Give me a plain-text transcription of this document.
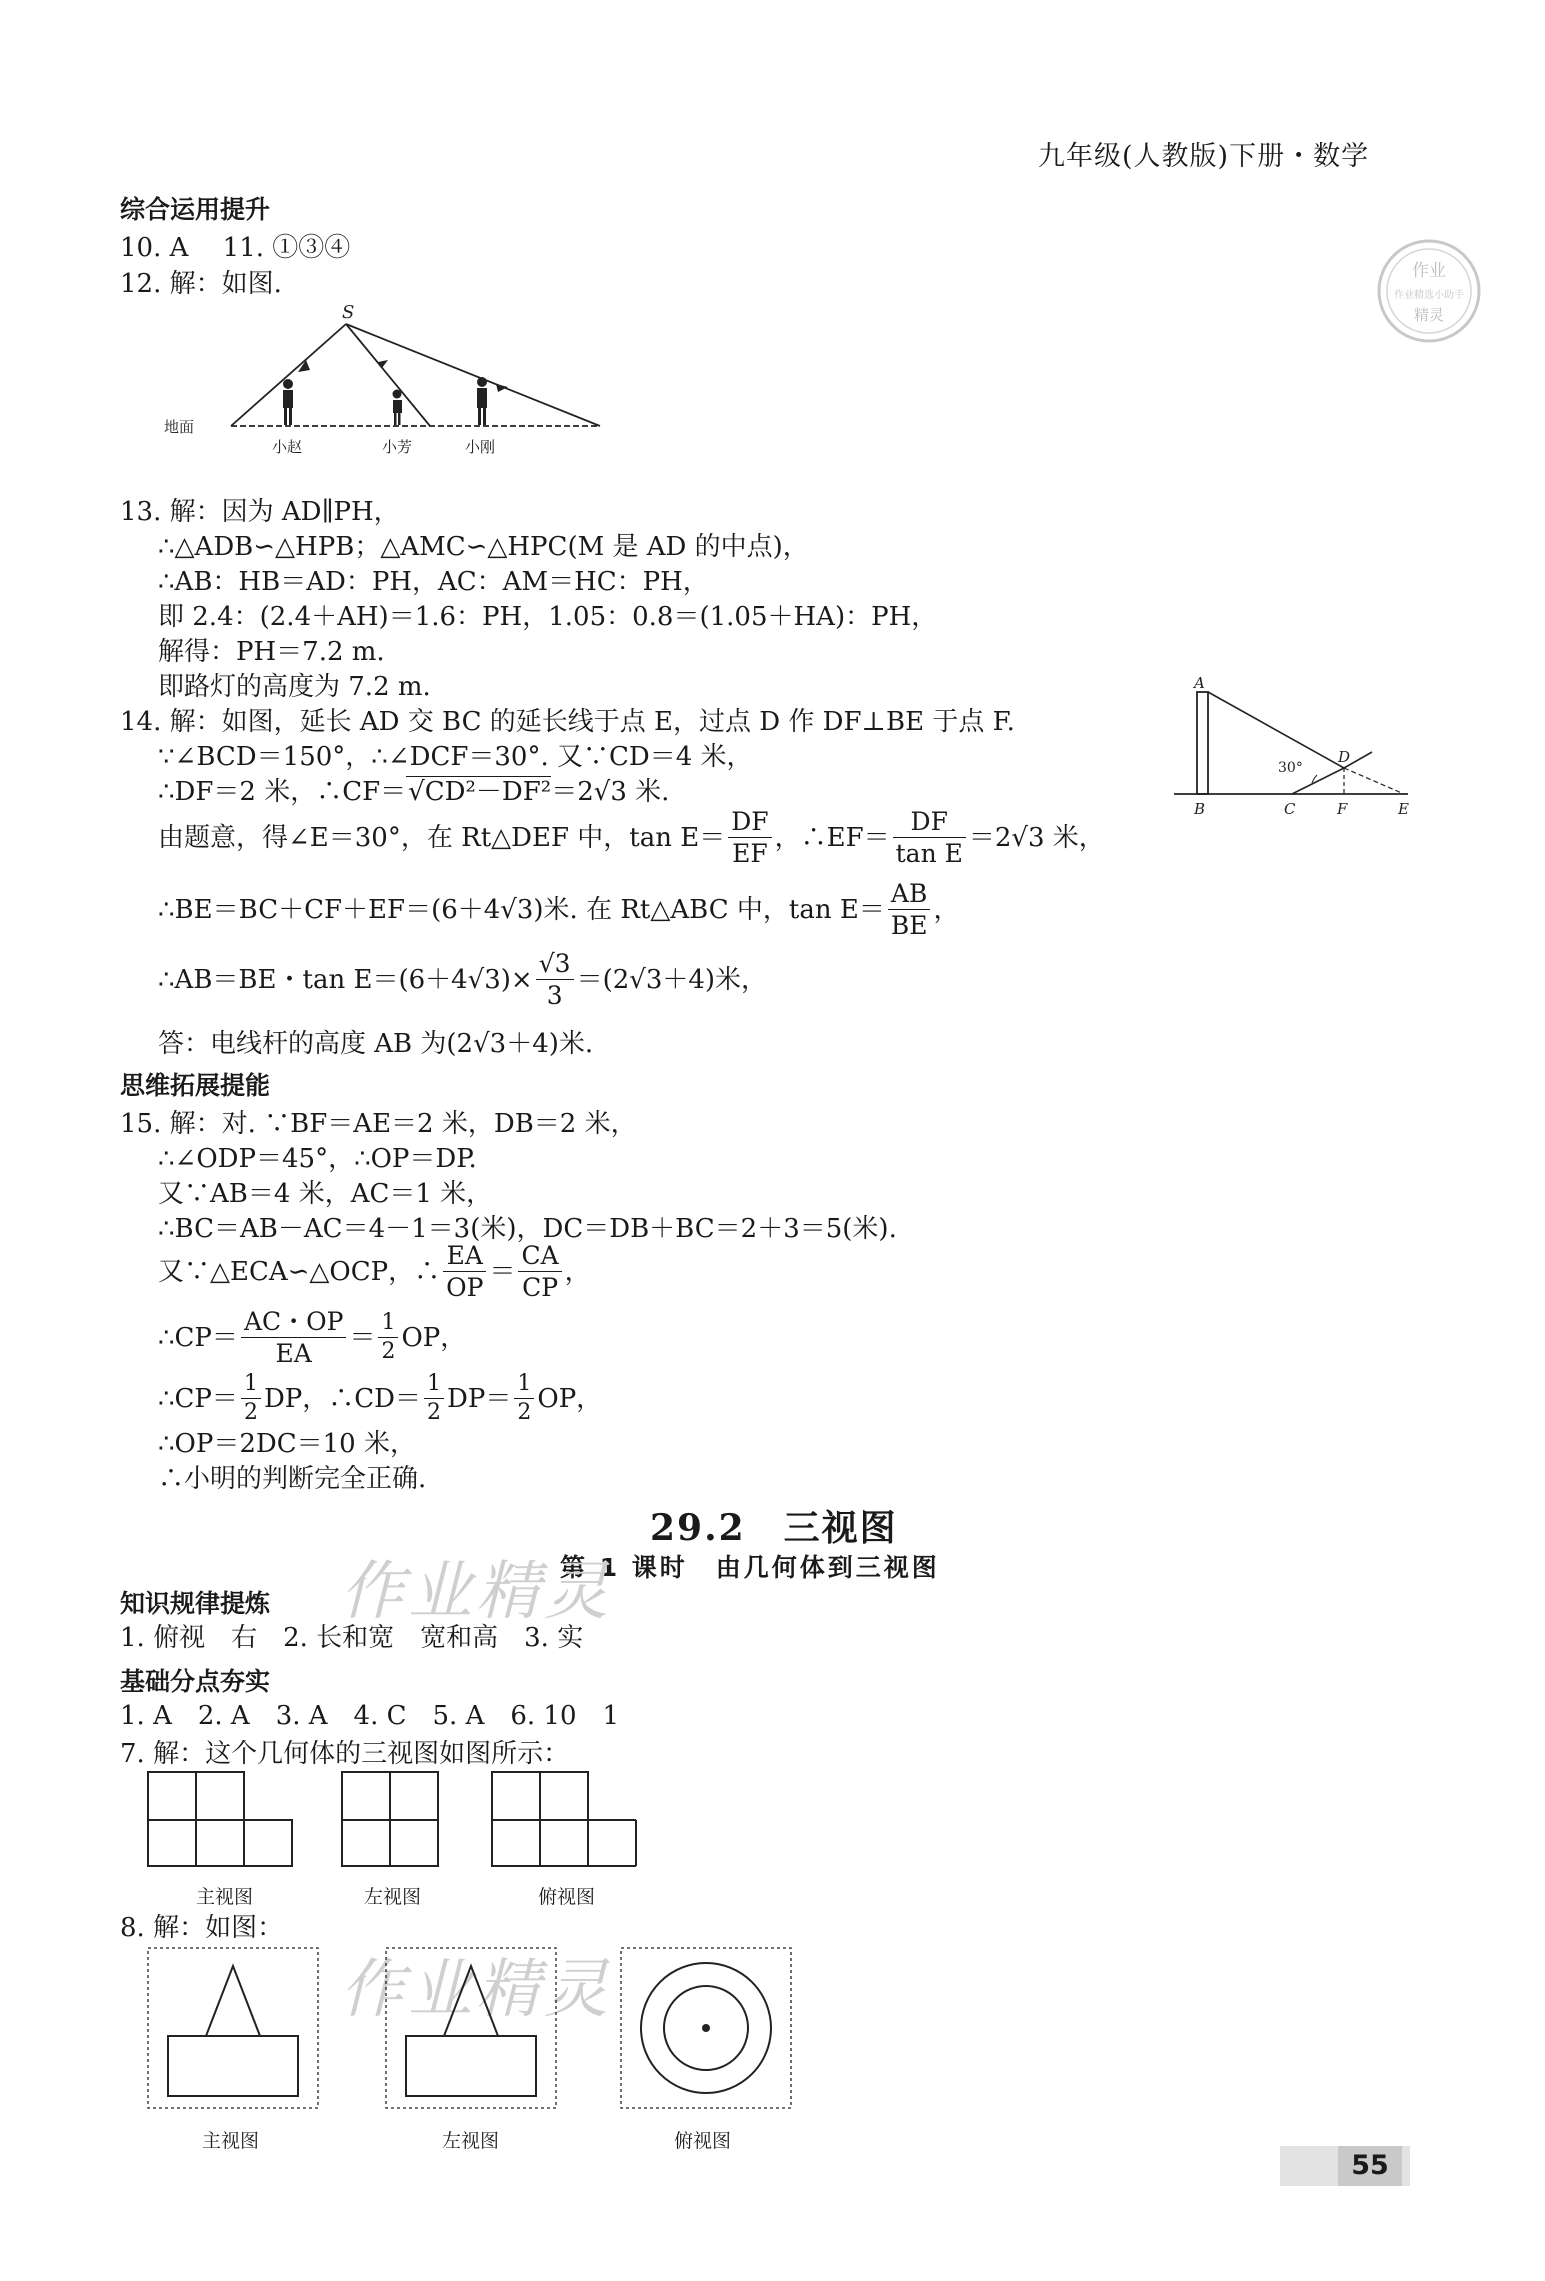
九年级(人教版)下册・数学
作业
作业精选小助手
精灵
综合运用提升
10. A　 11. ①③④
12. 解：如图.
S
地面
小赵	小芳	小刚
13. 解：因为 AD∥PH，
∴△ADB∽△HPB；△AMC∽△HPC(M 是 AD 的中点)，
∴AB：HB＝AD：PH，AC：AM＝HC：PH，
即 2.4：(2.4＋AH)＝1.6：PH，1.05：0.8＝(1.05＋HA)：PH，
解得：PH＝7.2 m.
即路灯的高度为 7.2 m.
14. 解：如图，延长 AD 交 BC 的延长线于点 E，过点 D 作 DF⊥BE 于点 F.
∵∠BCD＝150°，∴∠DCF＝30°. 又∵CD＝4 米，
∴DF＝2 米，∴CF＝√CD²－DF²＝2√3 米.
由题意，得∠E＝30°，在 Rt△DEF 中，$\tan E= \frac{DF}{EF}$ ，∴EF＝ $\frac{DF}{\text{tan E}} =2√3$ 米，
∴BE＝BC＋CF＋EF＝(6＋4√3)米. 在 Rt△ABC 中，$\tan E= \frac{AB}{BE}$ ，
∴AB＝BE・$\tan E=(6+4√3)\times \frac{√3}{3} =(2√3+4)$米，
答：电线杆的高度 AB 为(2√3＋4)米.
A
B	C	F	E
D
30°
思维拓展提能
15. 解：对. ∵BF＝AE＝2 米，DB＝2 米，
∴∠ODP＝45°，∴OP＝DP.
又∵AB＝4 米，AC＝1 米，
∴BC＝AB－AC＝4－1＝3(米)，DC＝DB＋BC＝2＋3＝5(米).
又∵△ECA∽△OCP，∴ $\frac{EA}{OP} = \frac{CA}{CP}$ ，
∴CP＝ $\frac{AC・OP}{EA} = \frac{1}{2}$ OP，
∴CP＝ $\frac{1}{2}$ DP，∴CD＝ $\frac{1}{2} DP= \frac{1}{2}$ OP，
∴OP＝2DC＝10 米，
∴小明的判断完全正确.
29.2　三视图
第 1 课时　由几何体到三视图
作业精灵
作业精灵
知识规律提炼
1. 俯视　右　2. 长和宽　宽和高　3. 实
基础分点夯实
1. A　2. A　3. A　4. C　5. A　6. 10　1
7. 解：这个几何体的三视图如图所示：
主视图	左视图	俯视图
8. 解：如图：
主视图	左视图	俯视图
55
